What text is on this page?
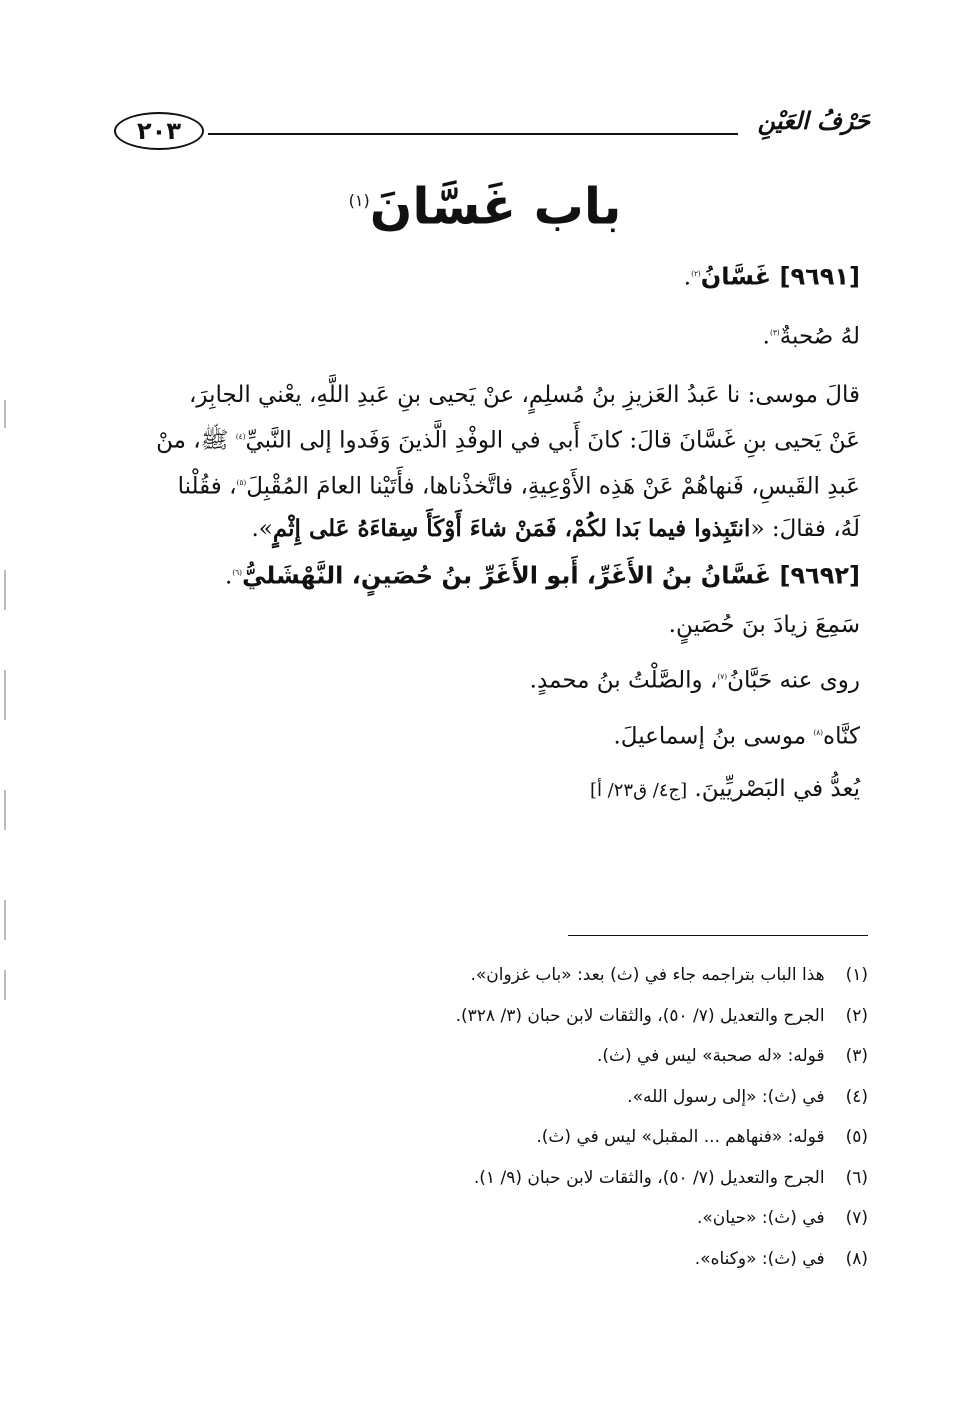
٢٠٣	حَرْفُ العَيْنِ
باب غَسَّانَ$^{(١)}$

[٩٦٩١] غَسَّانُ$^{(٢)}$.

لهُ صُحبةٌ$^{(٣)}$.

قالَ موسى: نا عَبدُ العَزيزِ بنُ مُسلِمٍ، عنْ يَحيى بنِ عَبدِ اللَّهِ، يعْني الجابِرَ،

عَنْ يَحيى بنِ غَسَّانَ قالَ: كانَ أَبي في الوفْدِ الَّذينَ وَفَدوا إلى النَّبيِّ$^{(٤)}$ ﷺ، منْ

عَبدِ القَيسِ، فَنهاهُمْ عَنْ هَذِه الأَوْعِيةِ، فاتَّخذْناها، فأَتَيْنا العامَ المُقْبِلَ$^{(٥)}$، فقُلْنا

لَهُ، فقالَ: «انتَبِذوا فيما بَدا لكُمْ، فَمَنْ شاءَ أَوْكَأَ سِقاءَهُ عَلى إِثْمٍ».

[٩٦٩٢] غَسَّانُ بنُ الأَغَرِّ، أَبو الأَغَرِّ بنُ حُصَينٍ، النَّهْشَليُّ$^{(٦)}$.

سَمِعَ زيادَ بنَ حُصَينٍ.

روى عنه حَبَّانُ$^{(٧)}$، والصَّلْتُ بنُ محمدٍ.

كنَّاه$^{(٨)}$ موسى بنُ إسماعيلَ.

يُعدُّ في البَصْريِّينَ. [ج٤/ ق٢٣/ أ]

(١) هذا الباب بتراجمه جاء في (ث) بعد: «باب غزوان».

(٢) الجرح والتعديل (٧/ ٥٠)، والثقات لابن حبان (٣/ ٣٢٨).

(٣) قوله: «له صحبة» ليس في (ث).

(٤) في (ث): «إلى رسول الله».

(٥) قوله: «فنهاهم ... المقبل» ليس في (ث).

(٦) الجرح والتعديل (٧/ ٥٠)، والثقات لابن حبان (٩/ ١).

(٧) في (ث): «حيان».

(٨) في (ث): «وكناه».
